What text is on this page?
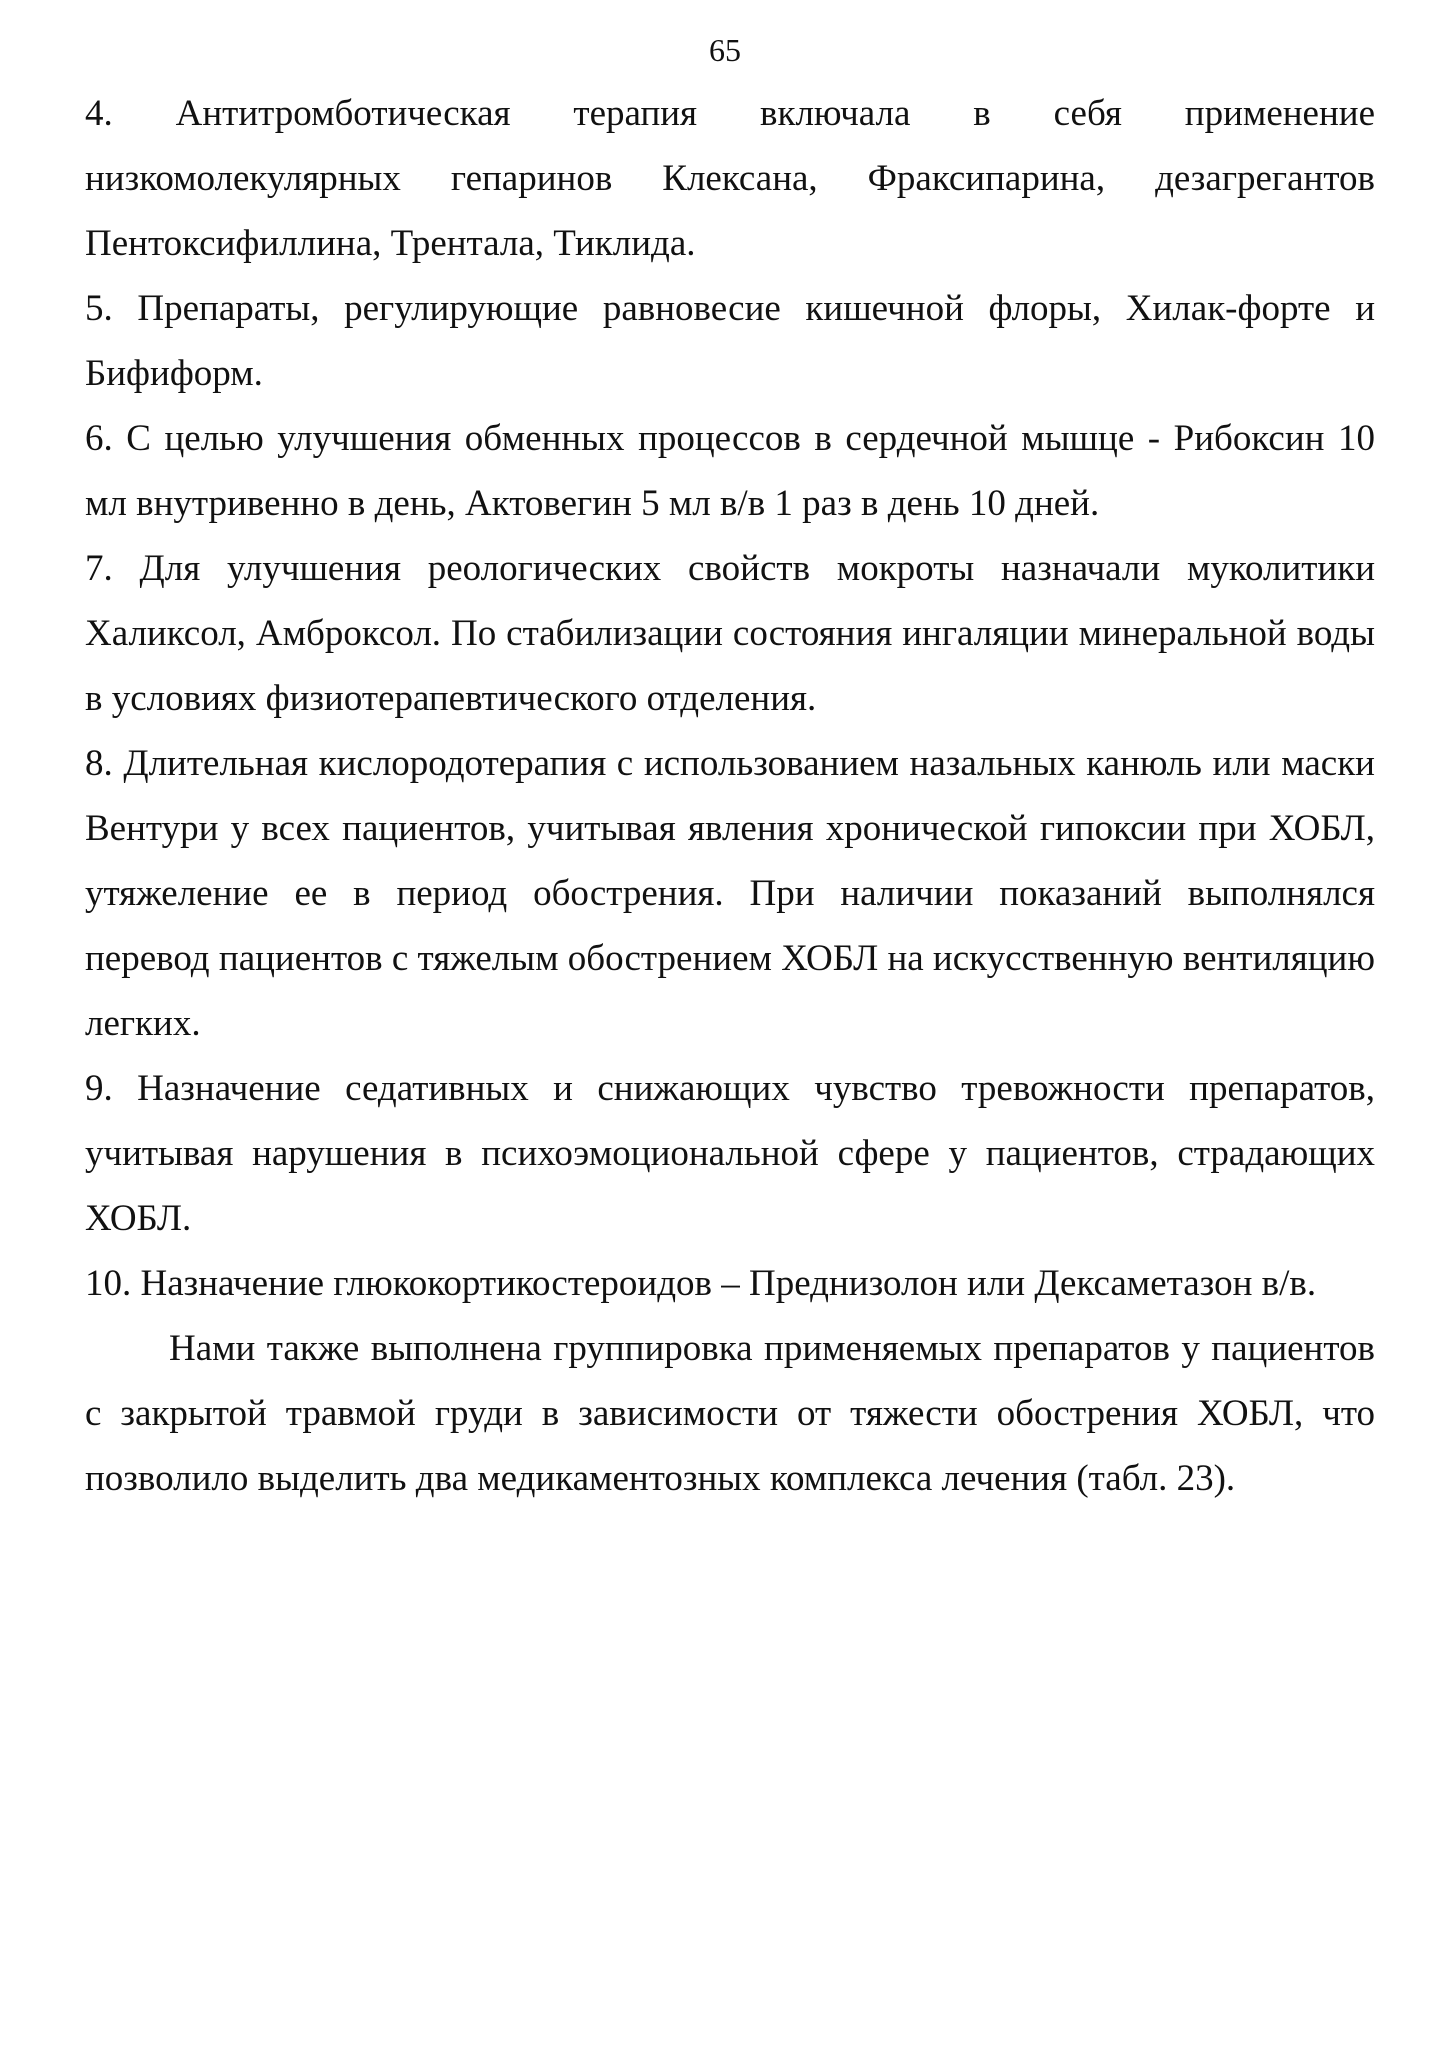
65

4. Антитромботическая терапия включала в себя применение низкомолекулярных гепаринов Клексана, Фраксипарина, дезагрегантов Пентоксифиллина, Трентала, Тиклида.

5. Препараты, регулирующие равновесие кишечной флоры, Хилак-форте и Бифиформ.

6. С целью улучшения обменных процессов в сердечной мышце - Рибоксин 10 мл внутривенно в день, Актовегин 5 мл в/в 1 раз в день 10 дней.

7. Для улучшения реологических свойств мокроты назначали муколитики Халиксол, Амброксол. По стабилизации состояния ингаляции минеральной воды в условиях физиотерапевтического отделения.

8. Длительная кислородотерапия с использованием назальных канюль или маски Вентури у всех пациентов, учитывая явления хронической гипоксии при ХОБЛ, утяжеление ее в период обострения. При наличии показаний выполнялся перевод пациентов с тяжелым обострением ХОБЛ на искусственную вентиляцию легких.

9. Назначение седативных и снижающих чувство тревожности препаратов, учитывая нарушения в психоэмоциональной сфере у пациентов, страдающих ХОБЛ.

10. Назначение глюкокортикостероидов – Преднизолон или Дексаметазон в/в.

Нами также выполнена группировка применяемых препаратов у пациентов с закрытой травмой груди в зависимости от тяжести обострения ХОБЛ, что позволило выделить два медикаментозных комплекса лечения (табл. 23).
